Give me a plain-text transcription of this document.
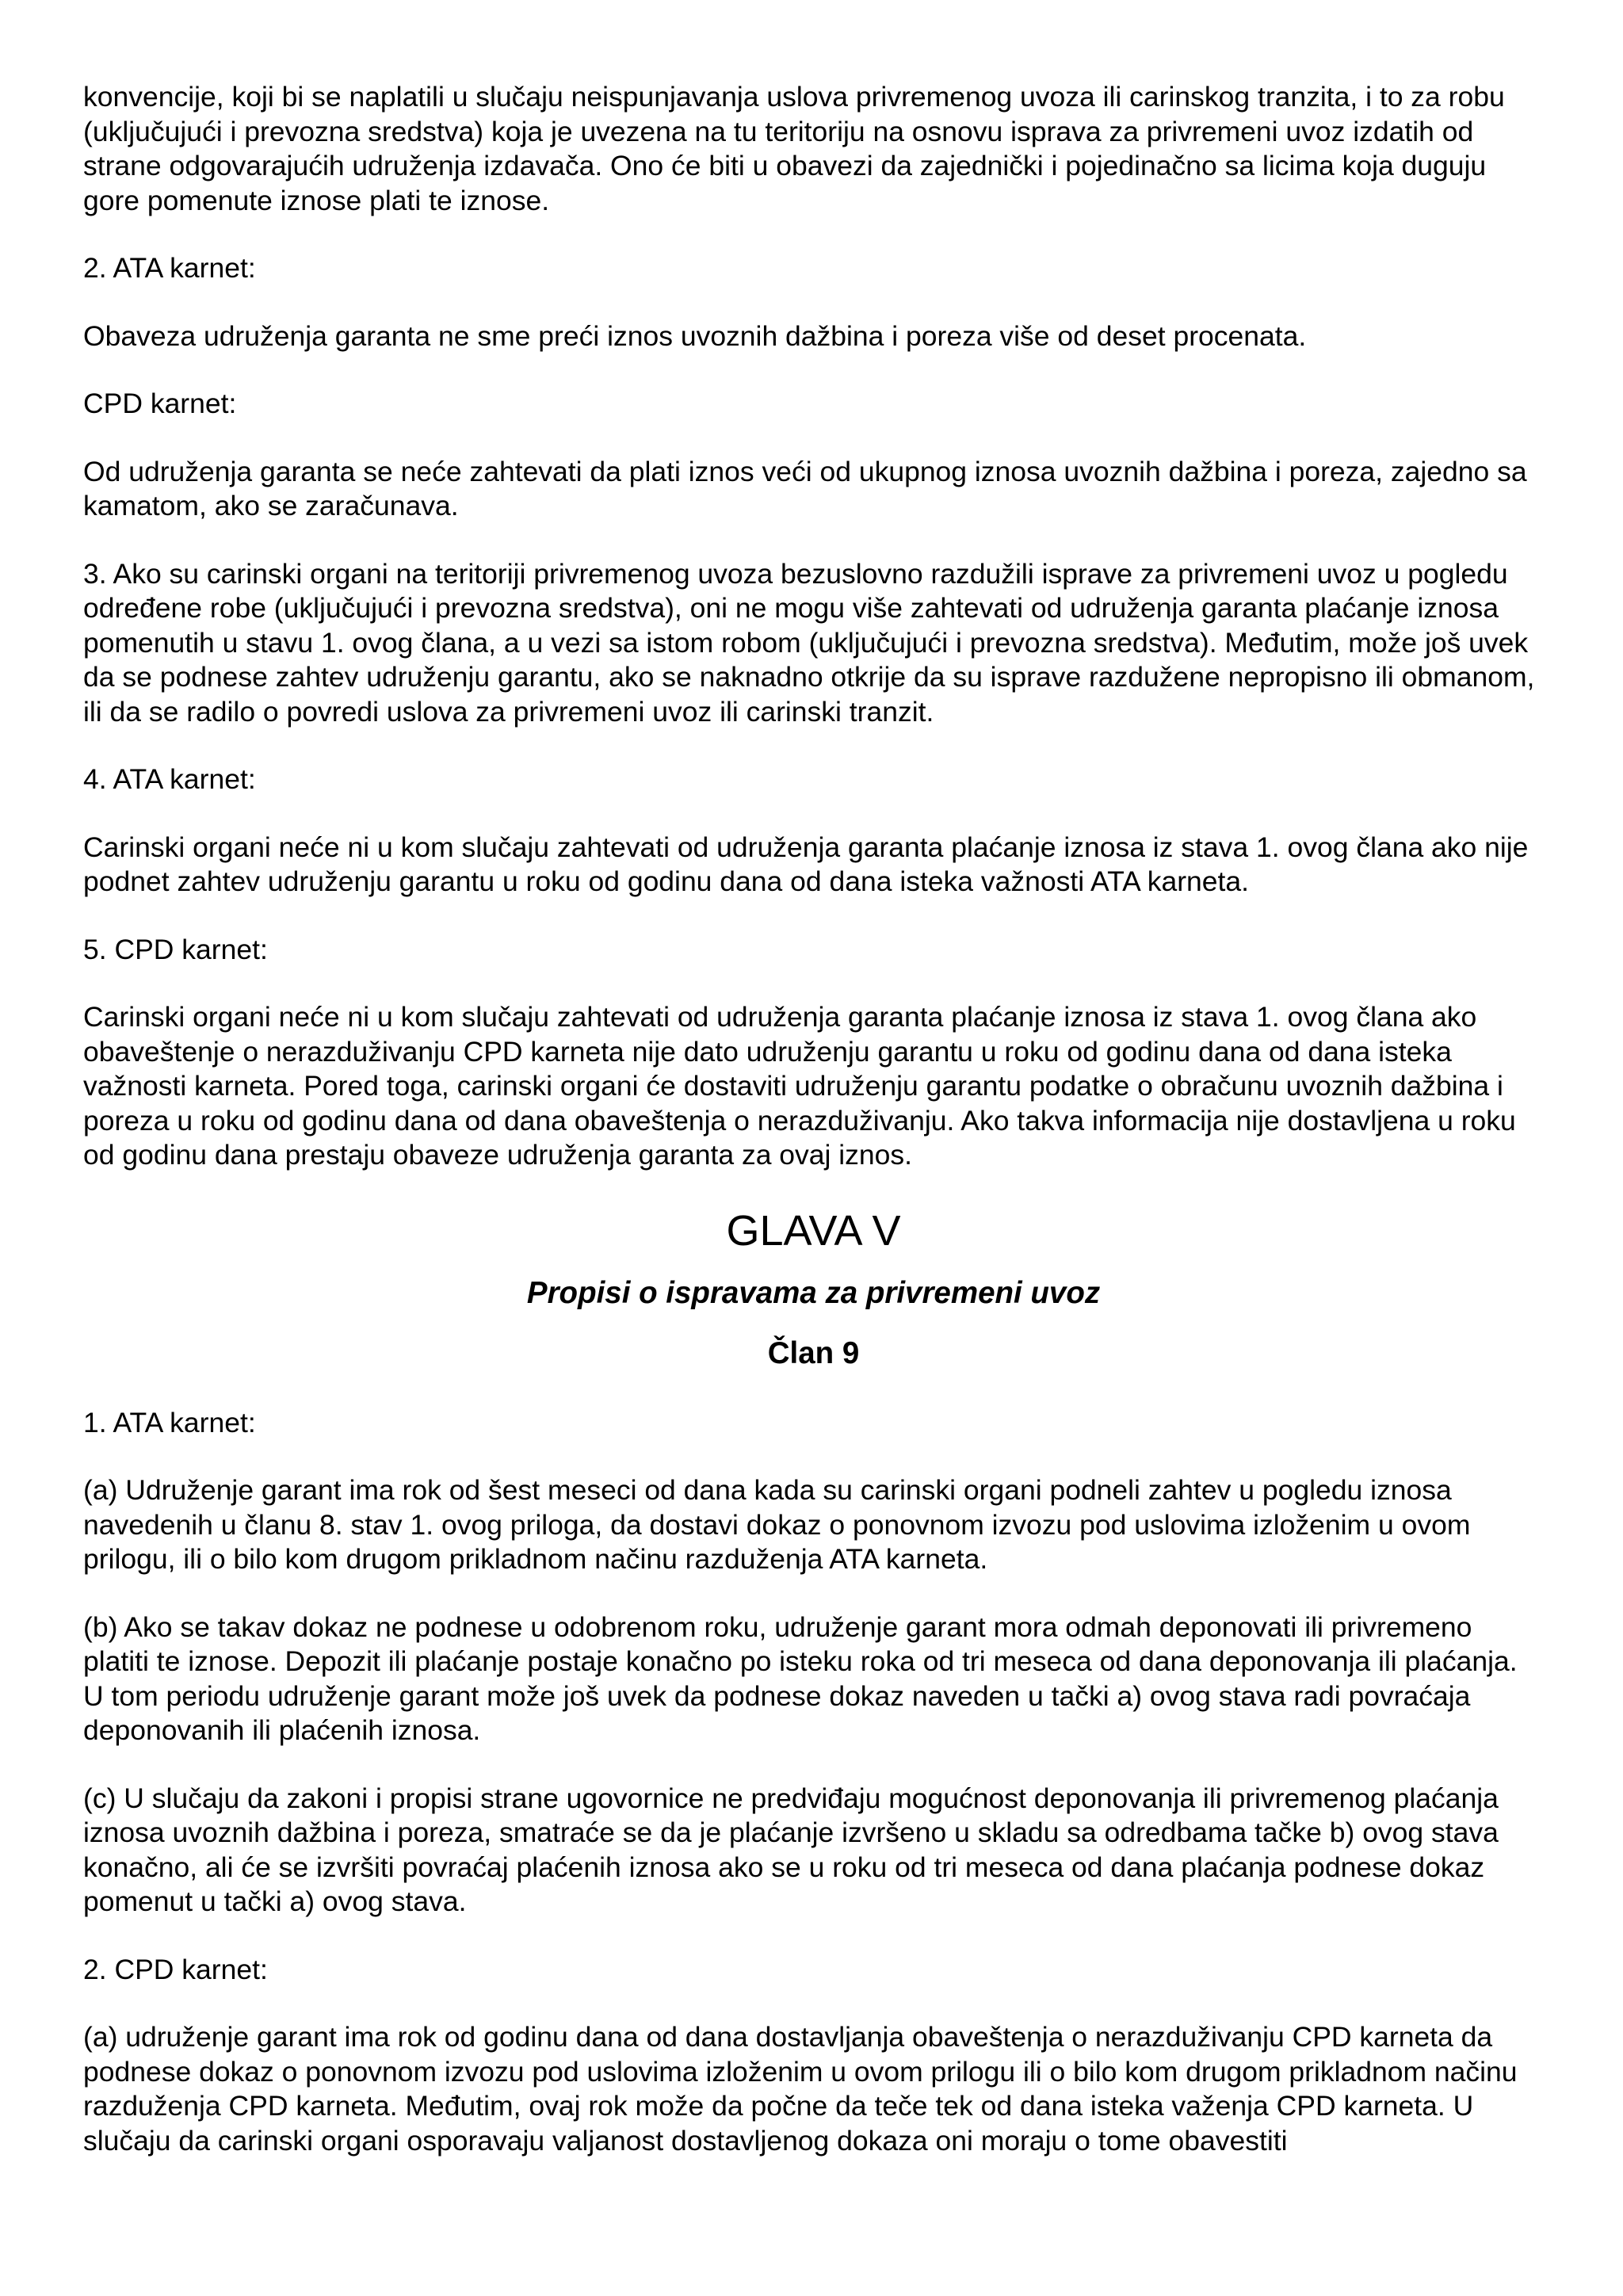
konvencije, koji bi se naplatili u slučaju neispunjavanja uslova privremenog uvoza ili carinskog tranzita, i to za robu (uključujući i prevozna sredstva) koja je uvezena na tu teritoriju na osnovu isprava za privremeni uvoz izdatih od strane odgovarajućih udruženja izdavača. Ono će biti u obavezi da zajednički i pojedinačno sa licima koja duguju gore pomenute iznose plati te iznose.

2. ATA karnet:

Obaveza udruženja garanta ne sme preći iznos uvoznih dažbina i poreza više od deset procenata.

CPD karnet:

Od udruženja garanta se neće zahtevati da plati iznos veći od ukupnog iznosa uvoznih dažbina i poreza, zajedno sa kamatom, ako se zaračunava.

3. Ako su carinski organi na teritoriji privremenog uvoza bezuslovno razdužili isprave za privremeni uvoz u pogledu određene robe (uključujući i prevozna sredstva), oni ne mogu više zahtevati od udruženja garanta plaćanje iznosa pomenutih u stavu 1. ovog člana, a u vezi sa istom robom (uključujući i prevozna sredstva). Međutim, može još uvek da se podnese zahtev udruženju garantu, ako se naknadno otkrije da su isprave razdužene nepropisno ili obmanom, ili da se radilo o povredi uslova za privremeni uvoz ili carinski tranzit.

4. ATA karnet:

Carinski organi neće ni u kom slučaju zahtevati od udruženja garanta plaćanje iznosa iz stava 1. ovog člana ako nije podnet zahtev udruženju garantu u roku od godinu dana od dana isteka važnosti ATA karneta.

5. CPD karnet:

Carinski organi neće ni u kom slučaju zahtevati od udruženja garanta plaćanje iznosa iz stava 1. ovog člana ako obaveštenje o nerazduživanju CPD karneta nije dato udruženju garantu u roku od godinu dana od dana isteka važnosti karneta. Pored toga, carinski organi će dostaviti udruženju garantu podatke o obračunu uvoznih dažbina i poreza u roku od godinu dana od dana obaveštenja o nerazduživanju. Ako takva informacija nije dostavljena u roku od godinu dana prestaju obaveze udruženja garanta za ovaj iznos.

GLAVA V
Propisi o ispravama za privremeni uvoz
Član 9

1. ATA karnet:

(a) Udruženje garant ima rok od šest meseci od dana kada su carinski organi podneli zahtev u pogledu iznosa navedenih u članu 8. stav 1. ovog priloga, da dostavi dokaz o ponovnom izvozu pod uslovima izloženim u ovom prilogu, ili o bilo kom drugom prikladnom načinu razduženja ATA karneta.

(b) Ako se takav dokaz ne podnese u odobrenom roku, udruženje garant mora odmah deponovati ili privremeno platiti te iznose. Depozit ili plaćanje postaje konačno po isteku roka od tri meseca od dana deponovanja ili plaćanja. U tom periodu udruženje garant može još uvek da podnese dokaz naveden u tački a) ovog stava radi povraćaja deponovanih ili plaćenih iznosa.

(c) U slučaju da zakoni i propisi strane ugovornice ne predviđaju mogućnost deponovanja ili privremenog plaćanja iznosa uvoznih dažbina i poreza, smatraće se da je plaćanje izvršeno u skladu sa odredbama tačke b) ovog stava konačno, ali će se izvršiti povraćaj plaćenih iznosa ako se u roku od tri meseca od dana plaćanja podnese dokaz pomenut u tački a) ovog stava.

2. CPD karnet:

(a) udruženje garant ima rok od godinu dana od dana dostavljanja obaveštenja o nerazduživanju CPD karneta da podnese dokaz o ponovnom izvozu pod uslovima izloženim u ovom prilogu ili o bilo kom drugom prikladnom načinu razduženja CPD karneta. Međutim, ovaj rok može da počne da teče tek od dana isteka važenja CPD karneta. U slučaju da carinski organi osporavaju valjanost dostavljenog dokaza oni moraju o tome obavestiti
